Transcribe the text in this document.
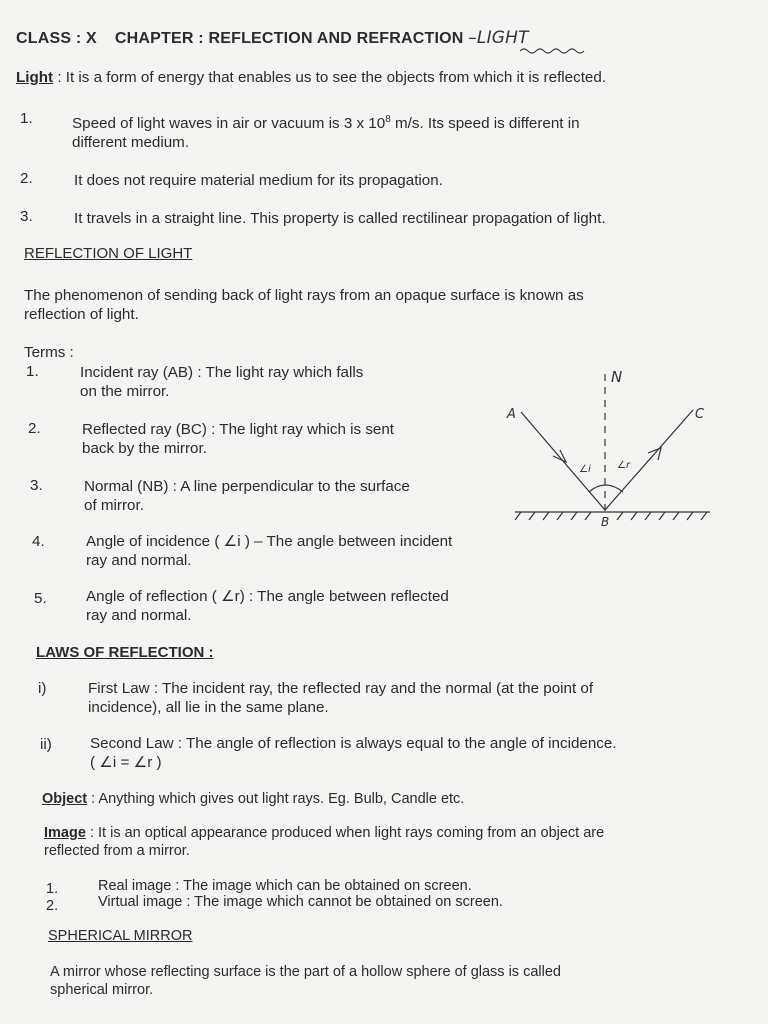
CLASS : X CHAPTER : REFLECTION AND REFRACTION –LIGHT
Light : It is a form of energy that enables us to see the objects from which it is reflected.
1.	Speed of light waves in air or vacuum is 3 x $10^8$ m/s. Its speed is different in
different medium.
2.	It does not require material medium for its propagation.
3.	It travels in a straight line. This property is called rectilinear propagation of light.
REFLECTION OF LIGHT
The phenomenon of sending back of light rays from an opaque surface is known as
reflection of light.
Terms :
1.	Incident ray (AB) : The light ray which falls
on the mirror.
2.	Reflected ray (BC) : The light ray which is sent
back by the mirror.
3.	Normal (NB) : A line perpendicular to the surface
of mirror.
4.	Angle of incidence ( ∠i ) – The angle between incident
ray and normal.
5.	Angle of reflection ( ∠r) : The angle between reflected
ray and normal.
A
N
C
B
∠i	∠r
LAWS OF REFLECTION :
i)	First Law : The incident ray, the reflected ray and the normal (at the point of
incidence), all lie in the same plane.
ii)	Second Law : The angle of reflection is always equal to the angle of incidence.
( ∠i = ∠r )
Object : Anything which gives out light rays. Eg. Bulb, Candle etc.
Image : It is an optical appearance produced when light rays coming from an object are
reflected from a mirror.
1.	Real image : The image which can be obtained on screen.
2.	Virtual image : The image which cannot be obtained on screen.
SPHERICAL MIRROR
A mirror whose reflecting surface is the part of a hollow sphere of glass is called
spherical mirror.
